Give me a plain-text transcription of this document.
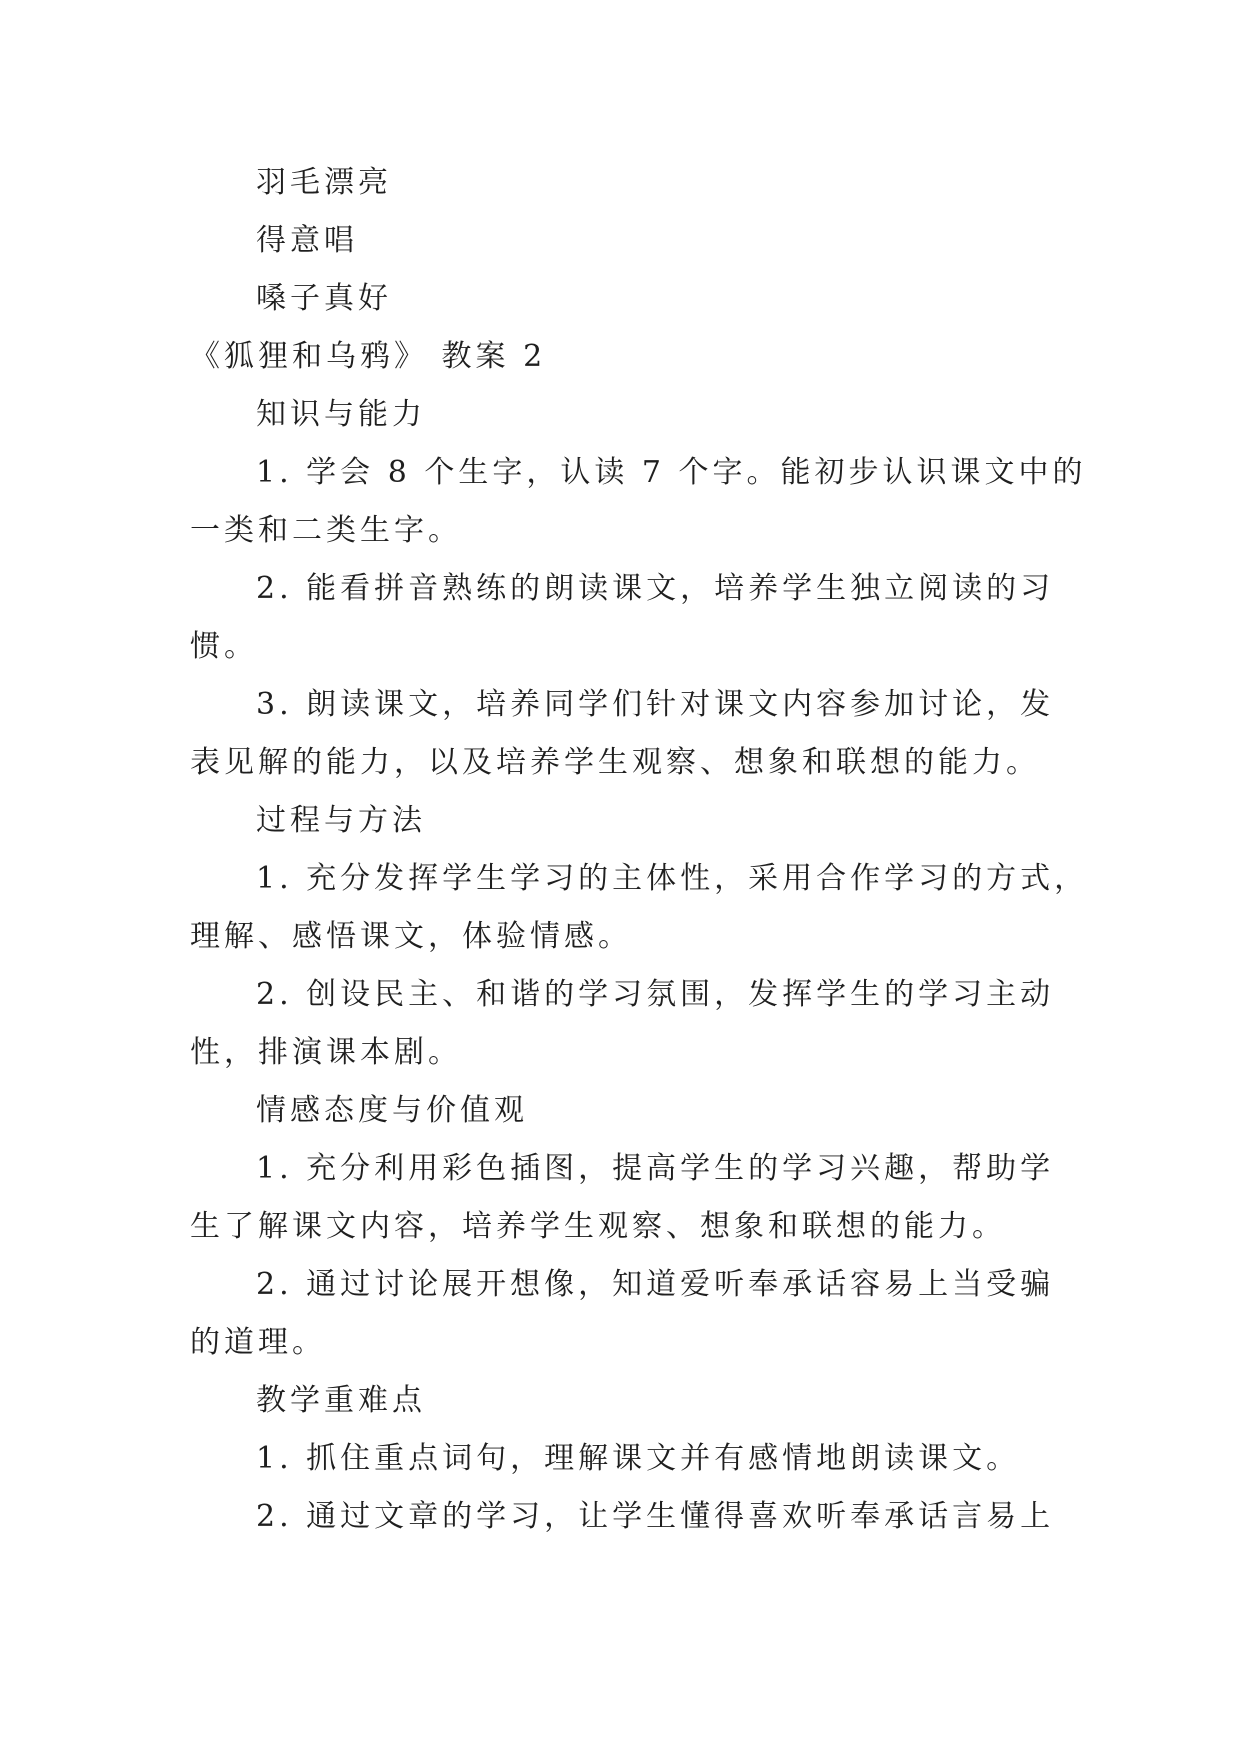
羽毛漂亮
得意唱
嗓子真好
《狐狸和乌鸦》 教案 2
知识与能力
1. 学会 8 个生字，认读 7 个字。能初步认识课文中的
一类和二类生字。
2. 能看拼音熟练的朗读课文，培养学生独立阅读的习
惯。
3. 朗读课文，培养同学们针对课文内容参加讨论，发
表见解的能力，以及培养学生观察、想象和联想的能力。
过程与方法
1. 充分发挥学生学习的主体性，采用合作学习的方式，
理解、感悟课文，体验情感。
2. 创设民主、和谐的学习氛围，发挥学生的学习主动
性，排演课本剧。
情感态度与价值观
1. 充分利用彩色插图，提高学生的学习兴趣，帮助学
生了解课文内容，培养学生观察、想象和联想的能力。
2. 通过讨论展开想像，知道爱听奉承话容易上当受骗
的道理。
教学重难点
1. 抓住重点词句，理解课文并有感情地朗读课文。
2. 通过文章的学习，让学生懂得喜欢听奉承话言易上
